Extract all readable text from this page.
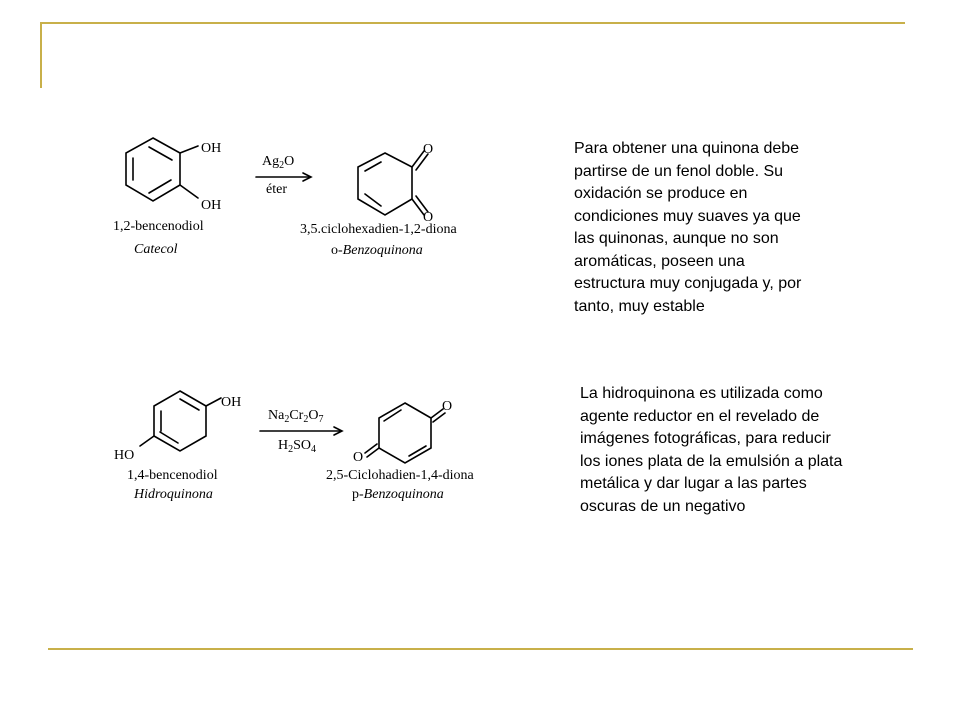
OH
OH
$Ag_2O$
éter
O
O
1,2-bencenodiol
Catecol
3,5.ciclohexadien-1,2-diona
o-Benzoquinona
OH
HO
$Na_2Cr_2O_7$
$H_2SO_4$
O
O
1,4-bencenodiol
Hidroquinona
2,5-Ciclohadien-1,4-diona
p-Benzoquinona
Para obtener una quinona debe
partirse de un fenol doble. Su
oxidación se produce en
condiciones muy suaves ya que
las quinonas, aunque no son
aromáticas, poseen una
estructura muy conjugada y, por
tanto, muy estable
La hidroquinona es utilizada como
agente reductor en el revelado de
imágenes fotográficas, para reducir
los iones plata de la emulsión a plata
metálica y dar lugar a las partes
oscuras de un negativo
